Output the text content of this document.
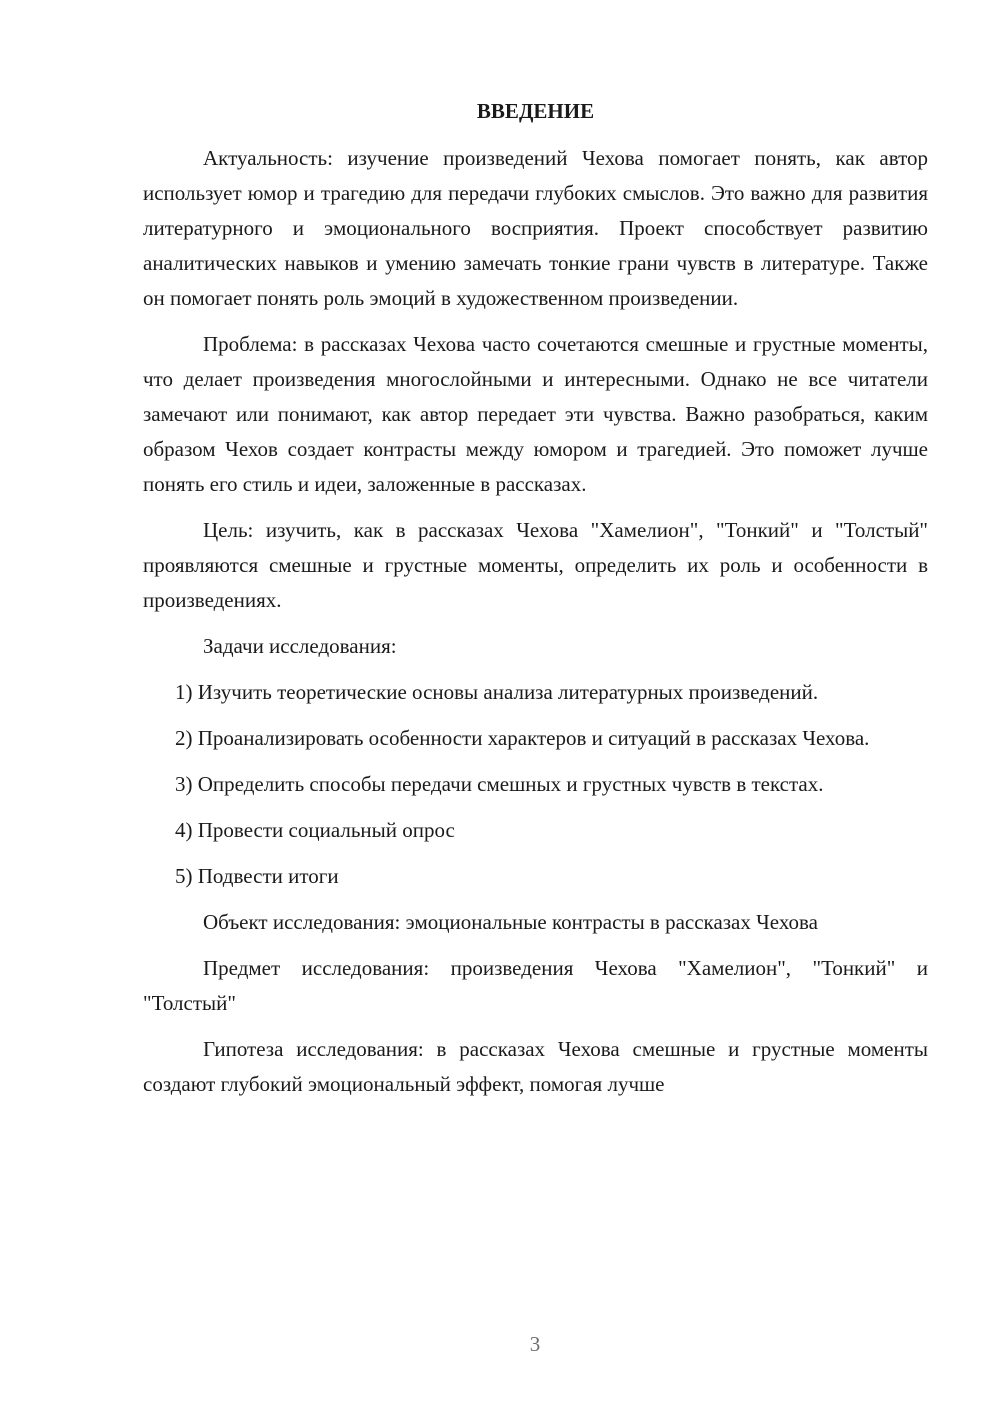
ВВЕДЕНИЕ

Актуальность: изучение произведений Чехова помогает понять, как автор использует юмор и трагедию для передачи глубоких смыслов. Это важно для развития литературного и эмоционального восприятия. Проект способствует развитию аналитических навыков и умению замечать тонкие грани чувств в литературе. Также он помогает понять роль эмоций в художественном произведении.

Проблема: в рассказах Чехова часто сочетаются смешные и грустные моменты, что делает произведения многослойными и интересными. Однако не все читатели замечают или понимают, как автор передает эти чувства. Важно разобраться, каким образом Чехов создает контрасты между юмором и трагедией. Это поможет лучше понять его стиль и идеи, заложенные в рассказах.

Цель: изучить, как в рассказах Чехова "Хамелион", "Тонкий" и "Толстый" проявляются смешные и грустные моменты, определить их роль и особенности в произведениях.

Задачи исследования:

1) Изучить теоретические основы анализа литературных произведений.

2) Проанализировать особенности характеров и ситуаций в рассказах Чехова.

3) Определить способы передачи смешных и грустных чувств в текстах.

4) Провести социальный опрос

5) Подвести итоги

Объект исследования: эмоциональные контрасты в рассказах Чехова

Предмет исследования: произведения Чехова "Хамелион", "Тонкий" и "Толстый"

Гипотеза исследования: в рассказах Чехова смешные и грустные моменты создают глубокий эмоциональный эффект, помогая лучше

3
